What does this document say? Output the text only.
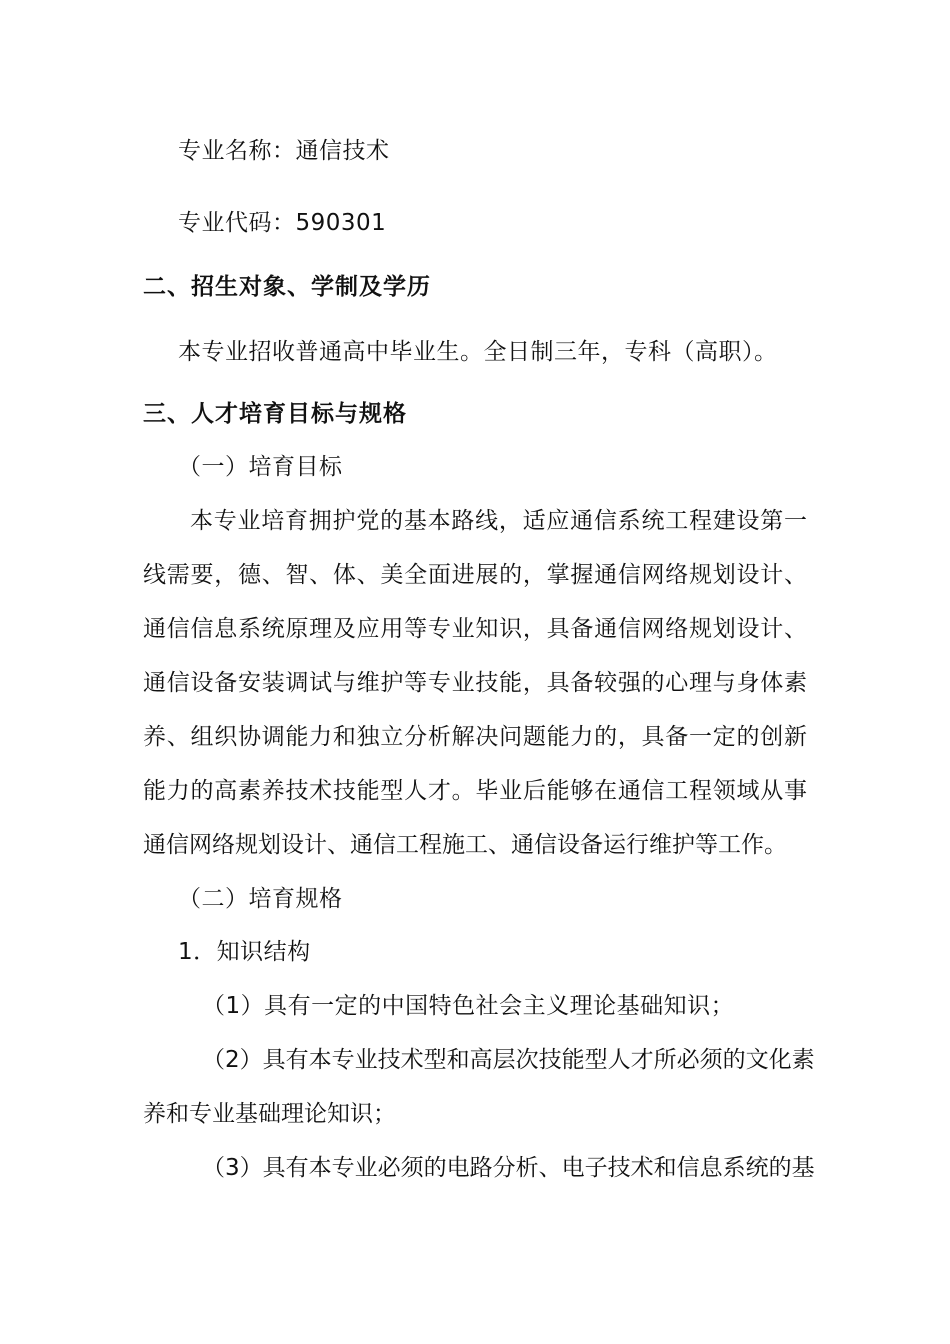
专业名称：通信技术
专业代码：590301
二、招生对象、学制及学历
本专业招收普通高中毕业生。全日制三年，专科（高职）。
三、人才培育目标与规格
（一）培育目标
本专业培育拥护党的基本路线，适应通信系统工程建设第一
线需要，德、智、体、美全面进展的，掌握通信网络规划设计、
通信信息系统原理及应用等专业知识，具备通信网络规划设计、
通信设备安装调试与维护等专业技能，具备较强的心理与身体素
养、组织协调能力和独立分析解决问题能力的，具备一定的创新
能力的高素养技术技能型人才。毕业后能够在通信工程领域从事
通信网络规划设计、通信工程施工、通信设备运行维护等工作。
（二）培育规格
1．知识结构
（1）具有一定的中国特色社会主义理论基础知识；
（2）具有本专业技术型和高层次技能型人才所必须的文化素
养和专业基础理论知识；
（3）具有本专业必须的电路分析、电子技术和信息系统的基
